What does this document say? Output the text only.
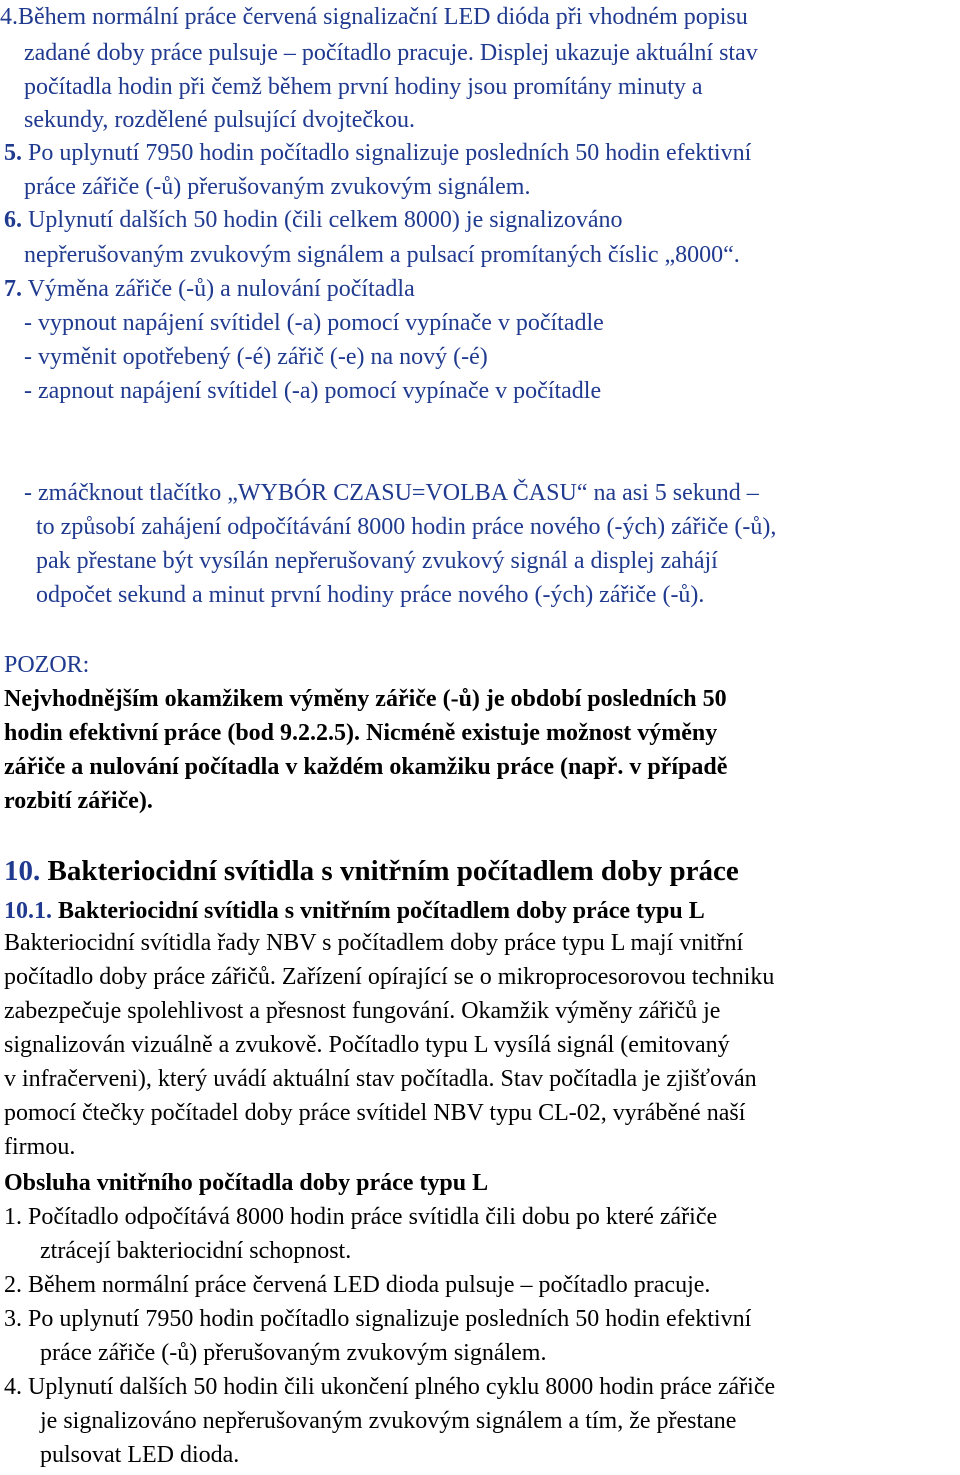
4.Během normální práce červená signalizační LED dióda při vhodném popisu
zadané doby práce pulsuje – počítadlo pracuje. Displej ukazuje aktuální stav
počítadla hodin při čemž během první hodiny jsou promítány minuty a
sekundy, rozdělené pulsující dvojtečkou.
5. Po uplynutí 7950 hodin počítadlo signalizuje posledních 50 hodin efektivní
práce zářiče (-ů) přerušovaným zvukovým signálem.
6. Uplynutí dalších 50 hodin (čili celkem 8000) je signalizováno
nepřerušovaným zvukovým signálem a pulsací promítaných číslic „8000“.
7. Výměna zářiče (-ů) a nulování počítadla
- vypnout napájení svítidel (-a) pomocí vypínače v počítadle
- vyměnit opotřebený (-é) zářič (-e) na nový (-é)
- zapnout napájení svítidel (-a) pomocí vypínače v počítadle
- zmáčknout tlačítko „WYBÓR CZASU=VOLBA ČASU“ na asi 5 sekund –
to způsobí zahájení odpočítávání 8000 hodin práce nového (-ých) zářiče (-ů),
pak přestane být vysílán nepřerušovaný zvukový signál a displej zahájí
odpočet sekund a minut první hodiny práce nového (-ých) zářiče (-ů).
POZOR:
Nejvhodnějším okamžikem výměny zářiče (-ů) je období posledních 50
hodin efektivní práce (bod 9.2.2.5). Nicméně existuje možnost výměny
zářiče a nulování počítadla v každém okamžiku práce (např. v případě
rozbití zářiče).
10. Bakteriocidní svítidla s vnitřním počítadlem doby práce
10.1. Bakteriocidní svítidla s vnitřním počítadlem doby práce typu L
Bakteriocidní svítidla řady NBV s počítadlem doby práce typu L mají vnitřní
počítadlo doby práce zářičů. Zařízení opírající se o mikroprocesorovou techniku
zabezpečuje spolehlivost a přesnost fungování. Okamžik výměny zářičů je
signalizován vizuálně a zvukově. Počítadlo typu L vysílá signál (emitovaný
v infračerveni), který uvádí aktuální stav počítadla. Stav počítadla je zjišťován
pomocí čtečky počítadel doby práce svítidel NBV typu CL-02, vyráběné naší
firmou.
Obsluha vnitřního počítadla doby práce typu L
1. Počítadlo odpočítává 8000 hodin práce svítidla čili dobu po které zářiče
ztrácejí bakteriocidní schopnost.
2. Během normální práce červená LED dioda pulsuje – počítadlo pracuje.
3. Po uplynutí 7950 hodin počítadlo signalizuje posledních 50 hodin efektivní
práce zářiče (-ů) přerušovaným zvukovým signálem.
4. Uplynutí dalších 50 hodin čili ukončení plného cyklu 8000 hodin práce zářiče
je signalizováno nepřerušovaným zvukovým signálem a tím, že přestane
pulsovat LED dioda.
